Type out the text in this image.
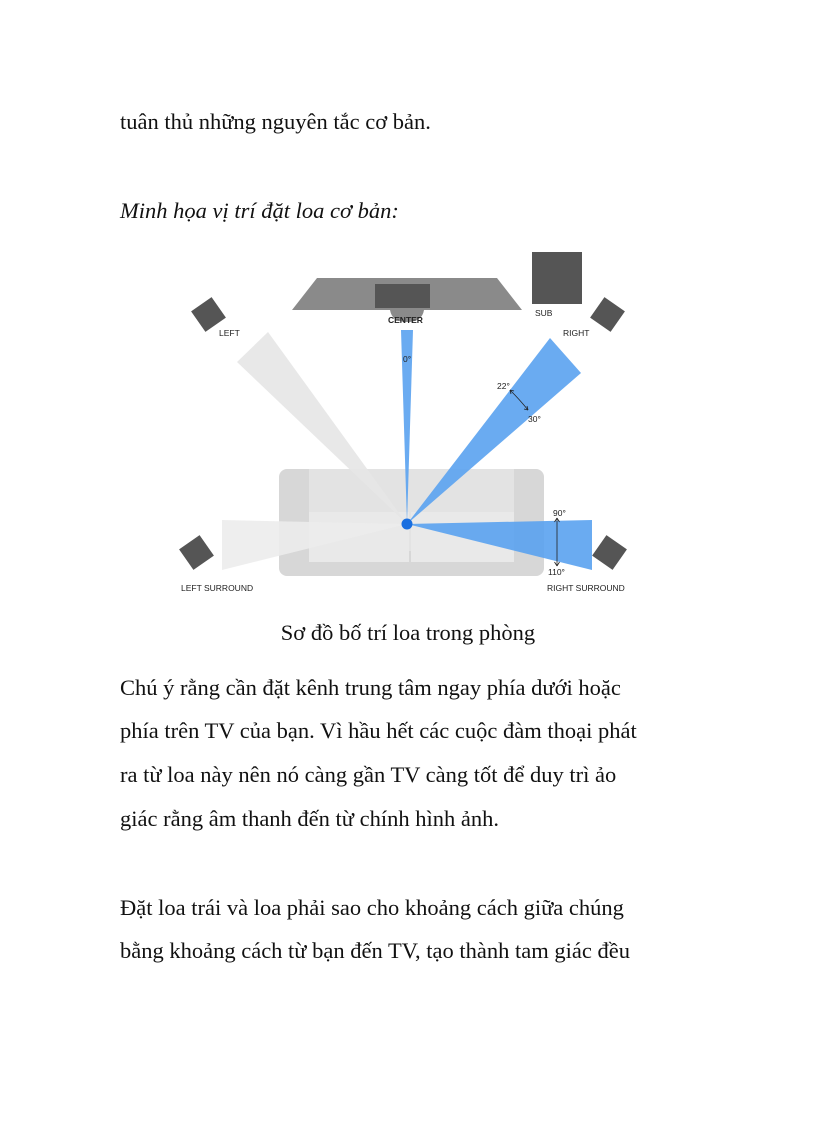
tuân thủ những nguyên tắc cơ bản.
Minh họa vị trí đặt loa cơ bản:
CENTER
SUB
LEFT	RIGHT
LEFT SURROUND	RIGHT SURROUND
0°
22°
30°
90°
110°
Sơ đồ bố trí loa trong phòng
Chú ý rằng cần đặt kênh trung tâm ngay phía dưới hoặc
phía trên TV của bạn. Vì hầu hết các cuộc đàm thoại phát
ra từ loa này nên nó càng gần TV càng tốt để duy trì ảo
giác rằng âm thanh đến từ chính hình ảnh.
Đặt loa trái và loa phải sao cho khoảng cách giữa chúng
bằng khoảng cách từ bạn đến TV, tạo thành tam giác đều
